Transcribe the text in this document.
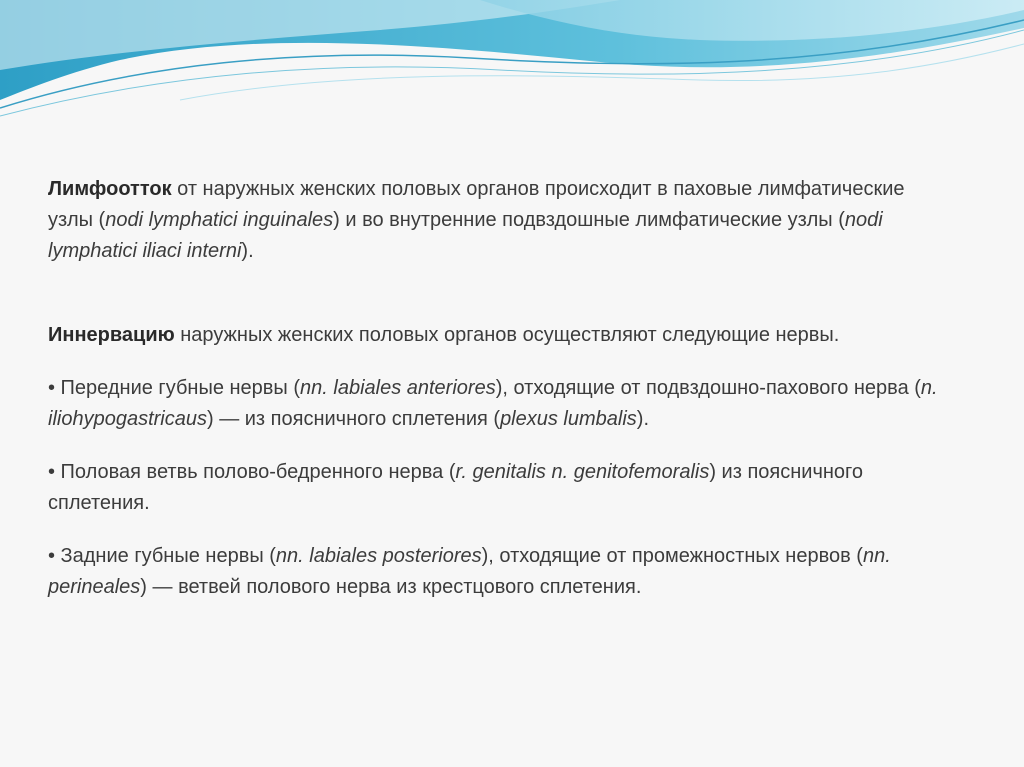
Лимфоотток от наружных женских половых органов происходит в паховые лимфатические узлы (nodi lymphatici inguinales) и во внутренние подвздошные лимфатические узлы (nodi lymphatici iliaci interni).

Иннервацию наружных женских половых органов осуществляют следующие нервы.

• Передние губные нервы (nn. labiales anteriores), отходящие от подвздошно-пахового нерва (n. iliohypogastricaus) — из поясничного сплетения (plexus lumbalis).

• Половая ветвь полово-бедренного нерва (r. genitalis n. genitofemoralis) из поясничного сплетения.

• Задние губные нервы (nn. labiales posteriores), отходящие от промежностных нервов (nn. perineales) — ветвей полового нерва из крестцового сплетения.
